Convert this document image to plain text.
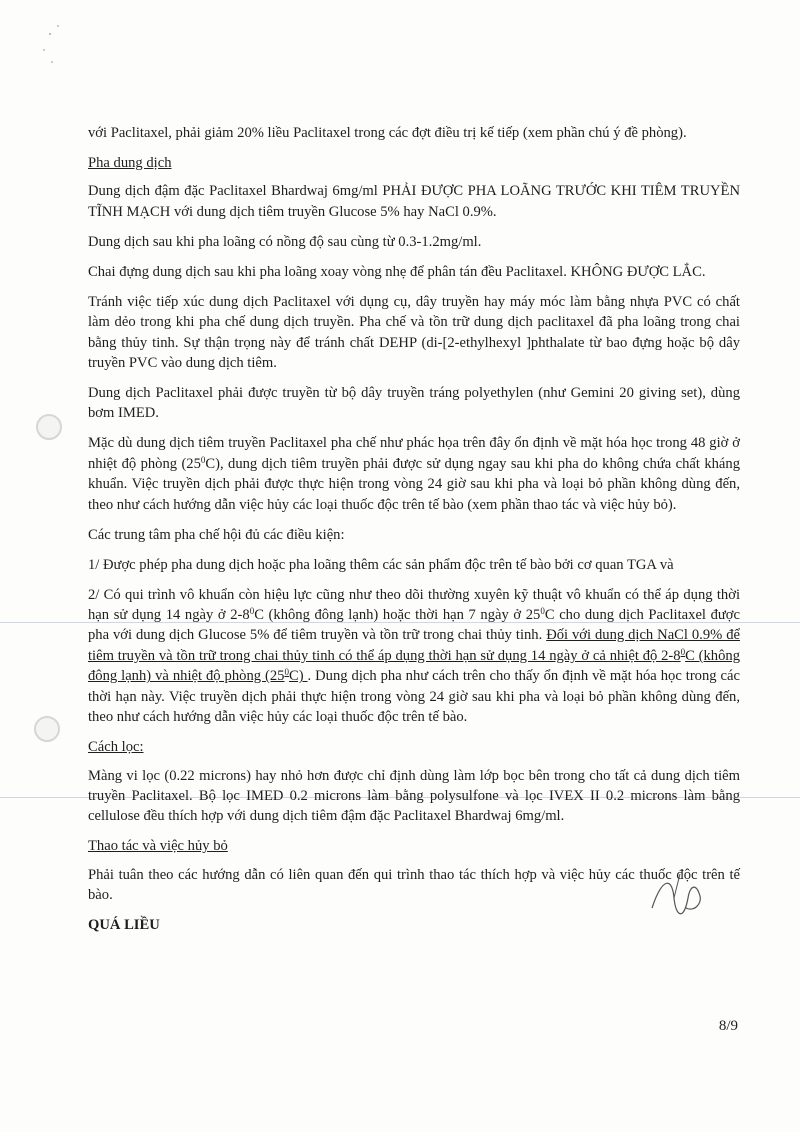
với Paclitaxel, phải giảm 20% liều Paclitaxel trong các đợt điều trị kế tiếp (xem phần chú ý đề phòng).

Pha dung dịch

Dung dịch đậm đặc Paclitaxel Bhardwaj 6mg/ml PHẢI ĐƯỢC PHA LOÃNG TRƯỚC KHI TIÊM TRUYỀN TĨNH MẠCH với dung dịch tiêm truyền Glucose 5% hay NaCl 0.9%.

Dung dịch sau khi pha loãng có nồng độ sau cùng từ 0.3-1.2mg/ml.

Chai đựng dung dịch sau khi pha loãng xoay vòng nhẹ để phân tán đều Paclitaxel. KHÔNG ĐƯỢC LẮC.

Tránh việc tiếp xúc dung dịch Paclitaxel với dụng cụ, dây truyền hay máy móc làm bằng nhựa PVC có chất làm dẻo trong khi pha chế dung dịch truyền. Pha chế và tồn trữ dung dịch paclitaxel đã pha loãng trong chai bằng thủy tinh. Sự thận trọng này để tránh chất DEHP (di-[2-ethylhexyl ]phthalate từ bao đựng hoặc bộ dây truyền PVC vào dung dịch tiêm.

Dung dịch Paclitaxel phải được truyền từ bộ dây truyền tráng polyethylen (như Gemini 20 giving set), dùng bơm IMED.

Mặc dù dung dịch tiêm truyền Paclitaxel pha chế như phác họa trên đây ổn định về mặt hóa học trong 48 giờ ở nhiệt độ phòng $(25^0C)$, dung dịch tiêm truyền phải được sử dụng ngay sau khi pha do không chứa chất kháng khuẩn. Việc truyền dịch phải được thực hiện trong vòng 24 giờ sau khi pha và loại bỏ phần không dùng đến, theo như cách hướng dẫn việc hủy các loại thuốc độc trên tế bào (xem phần thao tác và việc hủy bỏ).

Các trung tâm pha chế hội đủ các điều kiện:

1/ Được phép pha dung dịch hoặc pha loãng thêm các sản phẩm độc trên tế bào bởi cơ quan TGA và

2/ Có qui trình vô khuẩn còn hiệu lực cũng như theo dõi thường xuyên kỹ thuật vô khuẩn có thể áp dụng thời hạn sử dụng 14 ngày ở $2-8^0C$ (không đông lạnh) hoặc thời hạn 7 ngày ở $25^0C$ cho dung dịch Paclitaxel được pha với dung dịch Glucose 5% để tiêm truyền và tồn trữ trong chai thủy tinh. Đối với dung dịch NaCl 0.9% để tiêm truyền và tồn trữ trong chai thủy tinh có thể áp dụng thời hạn sử dụng 14 ngày ở cả nhiệt độ $2-8^0C$ (không đông lạnh) và nhiệt độ phòng $(25^0C)$ . Dung dịch pha như cách trên cho thấy ổn định về mặt hóa học trong các thời hạn này. Việc truyền dịch phải thực hiện trong vòng 24 giờ sau khi pha và loại bỏ phần không dùng đến, theo như cách hướng dẫn việc hủy các loại thuốc độc trên tế bào.

Cách lọc:

Màng vi lọc (0.22 microns) hay nhỏ hơn được chỉ định dùng làm lớp bọc bên trong cho tất cả dung dịch tiêm truyền Paclitaxel. Bộ lọc IMED 0.2 microns làm bằng polysulfone và lọc IVEX II 0.2 microns làm bằng cellulose đều thích hợp với dung dịch tiêm đậm đặc Paclitaxel Bhardwaj 6mg/ml.

Thao tác và việc hủy bỏ

Phải tuân theo các hướng dẫn có liên quan đến qui trình thao tác thích hợp và việc hủy các thuốc độc trên tế bào.

QUÁ LIỀU

8/9
